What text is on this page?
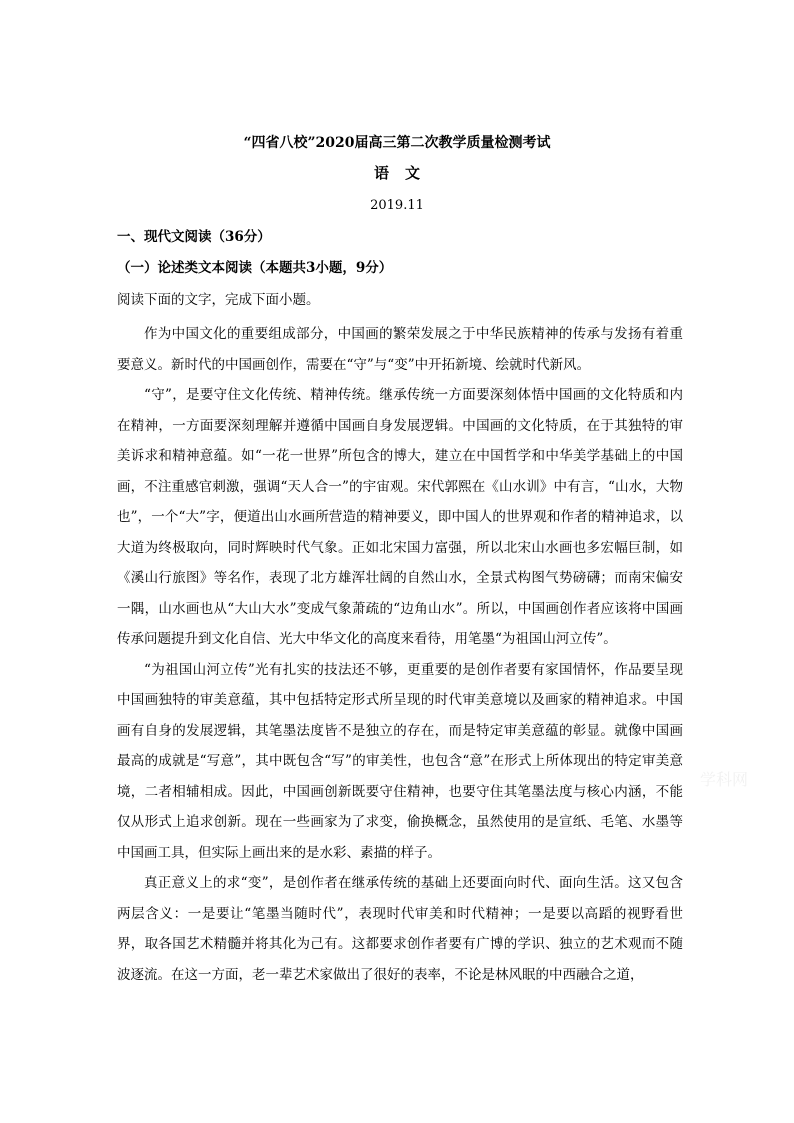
“四省八校”2020届高三第二次教学质量检测考试
语文
2019.11
一、现代文阅读（36分）
（一）论述类文本阅读（本题共3小题，9分）
阅读下面的文字，完成下面小题。

作为中国文化的重要组成部分，中国画的繁荣发展之于中华民族精神的传承与发扬有着重要意义。新时代的中国画创作，需要在“守”与“变”中开拓新境、绘就时代新风。

“守”，是要守住文化传统、精神传统。继承传统一方面要深刻体悟中国画的文化特质和内在精神，一方面要深刻理解并遵循中国画自身发展逻辑。中国画的文化特质，在于其独特的审美诉求和精神意蕴。如“一花一世界”所包含的博大，建立在中国哲学和中华美学基础上的中国画，不注重感官刺激，强调“天人合一”的宇宙观。宋代郭熙在《山水训》中有言，“山水，大物也”，一个“大”字，便道出山水画所营造的精神要义，即中国人的世界观和作者的精神追求，以大道为终极取向，同时辉映时代气象。正如北宋国力富强，所以北宋山水画也多宏幅巨制，如《溪山行旅图》等名作，表现了北方雄浑壮阔的自然山水，全景式构图气势磅礴；而南宋偏安一隅，山水画也从“大山大水”变成气象萧疏的“边角山水”。所以，中国画创作者应该将中国画传承问题提升到文化自信、光大中华文化的高度来看待，用笔墨“为祖国山河立传”。

“为祖国山河立传”光有扎实的技法还不够，更重要的是创作者要有家国情怀，作品要呈现中国画独特的审美意蕴，其中包括特定形式所呈现的时代审美意境以及画家的精神追求。中国画有自身的发展逻辑，其笔墨法度皆不是独立的存在，而是特定审美意蕴的彰显。就像中国画最高的成就是“写意”，其中既包含“写”的审美性，也包含“意”在形式上所体现出的特定审美意境，二者相辅相成。因此，中国画创新既要守住精神，也要守住其笔墨法度与核心内涵，不能仅从形式上追求创新。现在一些画家为了求变，偷换概念，虽然使用的是宣纸、毛笔、水墨等中国画工具，但实际上画出来的是水彩、素描的样子。

真正意义上的求“变”，是创作者在继承传统的基础上还要面向时代、面向生活。这又包含两层含义：一是要让“笔墨当随时代”，表现时代审美和时代精神；一是要以高蹈的视野看世界，取各国艺术精髓并将其化为己有。这都要求创作者要有广博的学识、独立的艺术观而不随波逐流。在这一方面，老一辈艺术家做出了很好的表率，不论是林风眠的中西融合之道，

学科网
